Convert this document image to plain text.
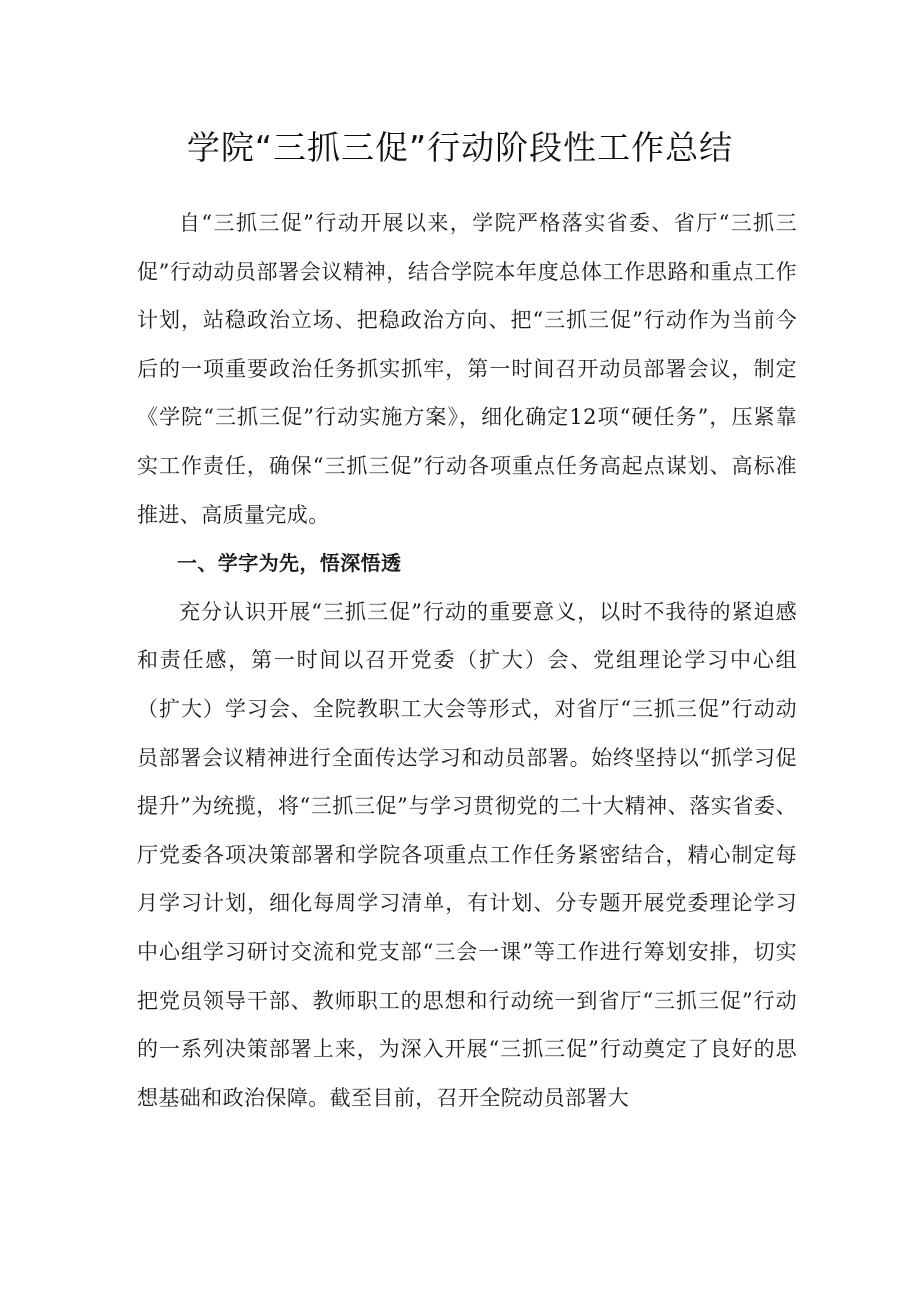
学院“三抓三促”行动阶段性工作总结

自“三抓三促”行动开展以来，学院严格落实省委、省厅“三抓三促”行动动员部署会议精神，结合学院本年度总体工作思路和重点工作计划，站稳政治立场、把稳政治方向、把“三抓三促”行动作为当前今后的一项重要政治任务抓实抓牢，第一时间召开动员部署会议，制定《学院“三抓三促”行动实施方案》，细化确定12项“硬任务”，压紧靠实工作责任，确保“三抓三促”行动各项重点任务高起点谋划、高标准推进、高质量完成。

一、学字为先，悟深悟透

充分认识开展“三抓三促”行动的重要意义，以时不我待的紧迫感和责任感，第一时间以召开党委（扩大）会、党组理论学习中心组（扩大）学习会、全院教职工大会等形式，对省厅“三抓三促”行动动员部署会议精神进行全面传达学习和动员部署。始终坚持以“抓学习促提升”为统揽，将“三抓三促”与学习贯彻党的二十大精神、落实省委、厅党委各项决策部署和学院各项重点工作任务紧密结合，精心制定每月学习计划，细化每周学习清单，有计划、分专题开展党委理论学习中心组学习研讨交流和党支部“三会一课”等工作进行筹划安排，切实把党员领导干部、教师职工的思想和行动统一到省厅“三抓三促”行动的一系列决策部署上来，为深入开展“三抓三促”行动奠定了良好的思想基础和政治保障。截至目前，召开全院动员部署大
